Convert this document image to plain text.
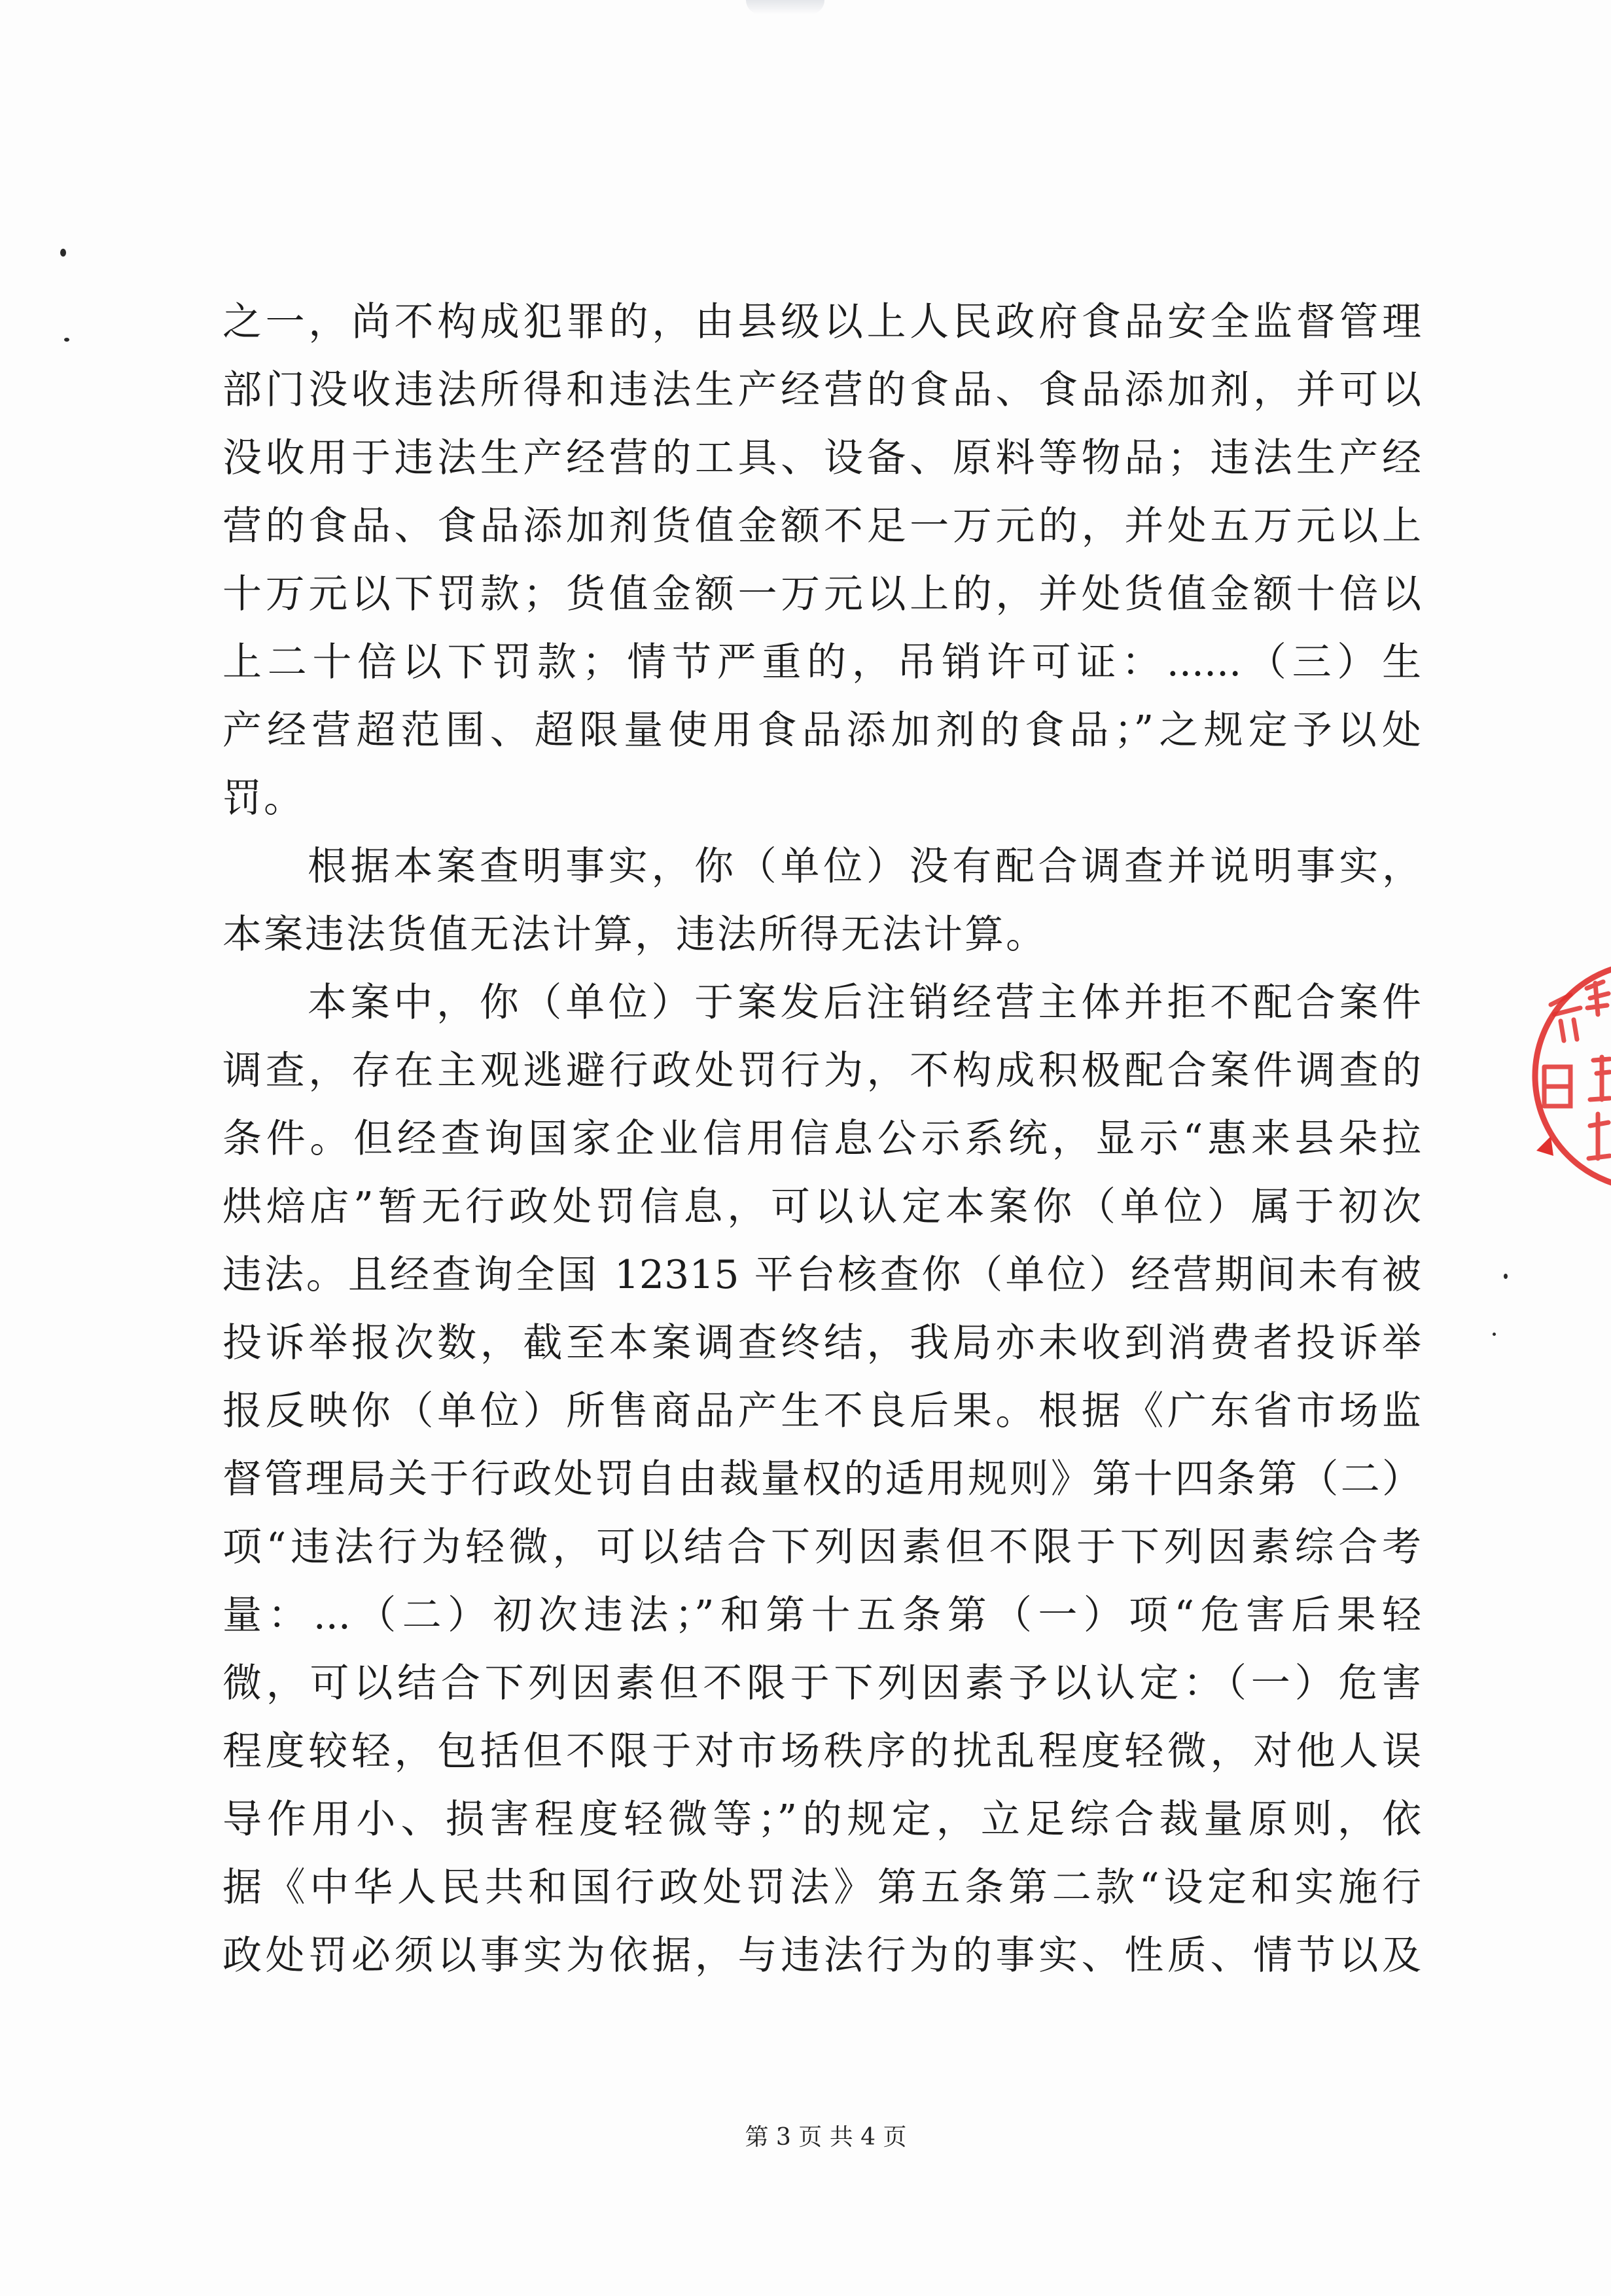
之一，尚不构成犯罪的，由县级以上人民政府食品安全监督管理
部门没收违法所得和违法生产经营的食品、食品添加剂，并可以
没收用于违法生产经营的工具、设备、原料等物品；违法生产经
营的食品、食品添加剂货值金额不足一万元的，并处五万元以上
十万元以下罚款；货值金额一万元以上的，并处货值金额十倍以
上二十倍以下罚款；情节严重的，吊销许可证：......（三）生
产经营超范围、超限量使用食品添加剂的食品；”之规定予以处
罚。
根据本案查明事实，你（单位）没有配合调查并说明事实，
本案违法货值无法计算，违法所得无法计算。
本案中，你（单位）于案发后注销经营主体并拒不配合案件
调查，存在主观逃避行政处罚行为，不构成积极配合案件调查的
条件。但经查询国家企业信用信息公示系统，显示“惠来县朵拉
烘焙店”暂无行政处罚信息，可以认定本案你（单位）属于初次
违法。且经查询全国 12315 平台核查你（单位）经营期间未有被
投诉举报次数，截至本案调查终结，我局亦未收到消费者投诉举
报反映你（单位）所售商品产生不良后果。根据《广东省市场监
督管理局关于行政处罚自由裁量权的适用规则》第十四条第（二）
项“违法行为轻微，可以结合下列因素但不限于下列因素综合考
量：...（二）初次违法；”和第十五条第（一）项“危害后果轻
微，可以结合下列因素但不限于下列因素予以认定：（一）危害
程度较轻，包括但不限于对市场秩序的扰乱程度轻微，对他人误
导作用小、损害程度轻微等；”的规定，立足综合裁量原则，依
据《中华人民共和国行政处罚法》第五条第二款“设定和实施行
政处罚必须以事实为依据，与违法行为的事实、性质、情节以及
第 3 页 共 4 页
